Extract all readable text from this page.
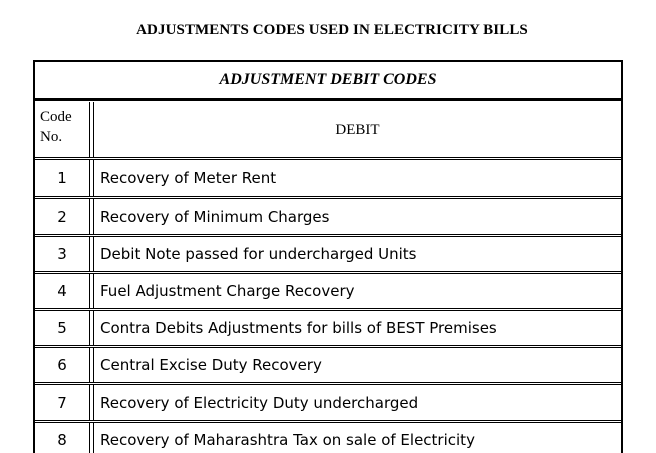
ADJUSTMENTS CODES USED IN ELECTRICITY BILLS
ADJUSTMENT DEBIT CODES
Code
No.	DEBIT
1	Recovery of Meter Rent
2	Recovery of Minimum Charges
3	Debit Note passed for undercharged Units
4	Fuel Adjustment Charge Recovery
5	Contra Debits Adjustments for bills of BEST Premises
6	Central Excise Duty Recovery
7	Recovery of Electricity Duty undercharged
8	Recovery of Maharashtra Tax on sale of Electricity
